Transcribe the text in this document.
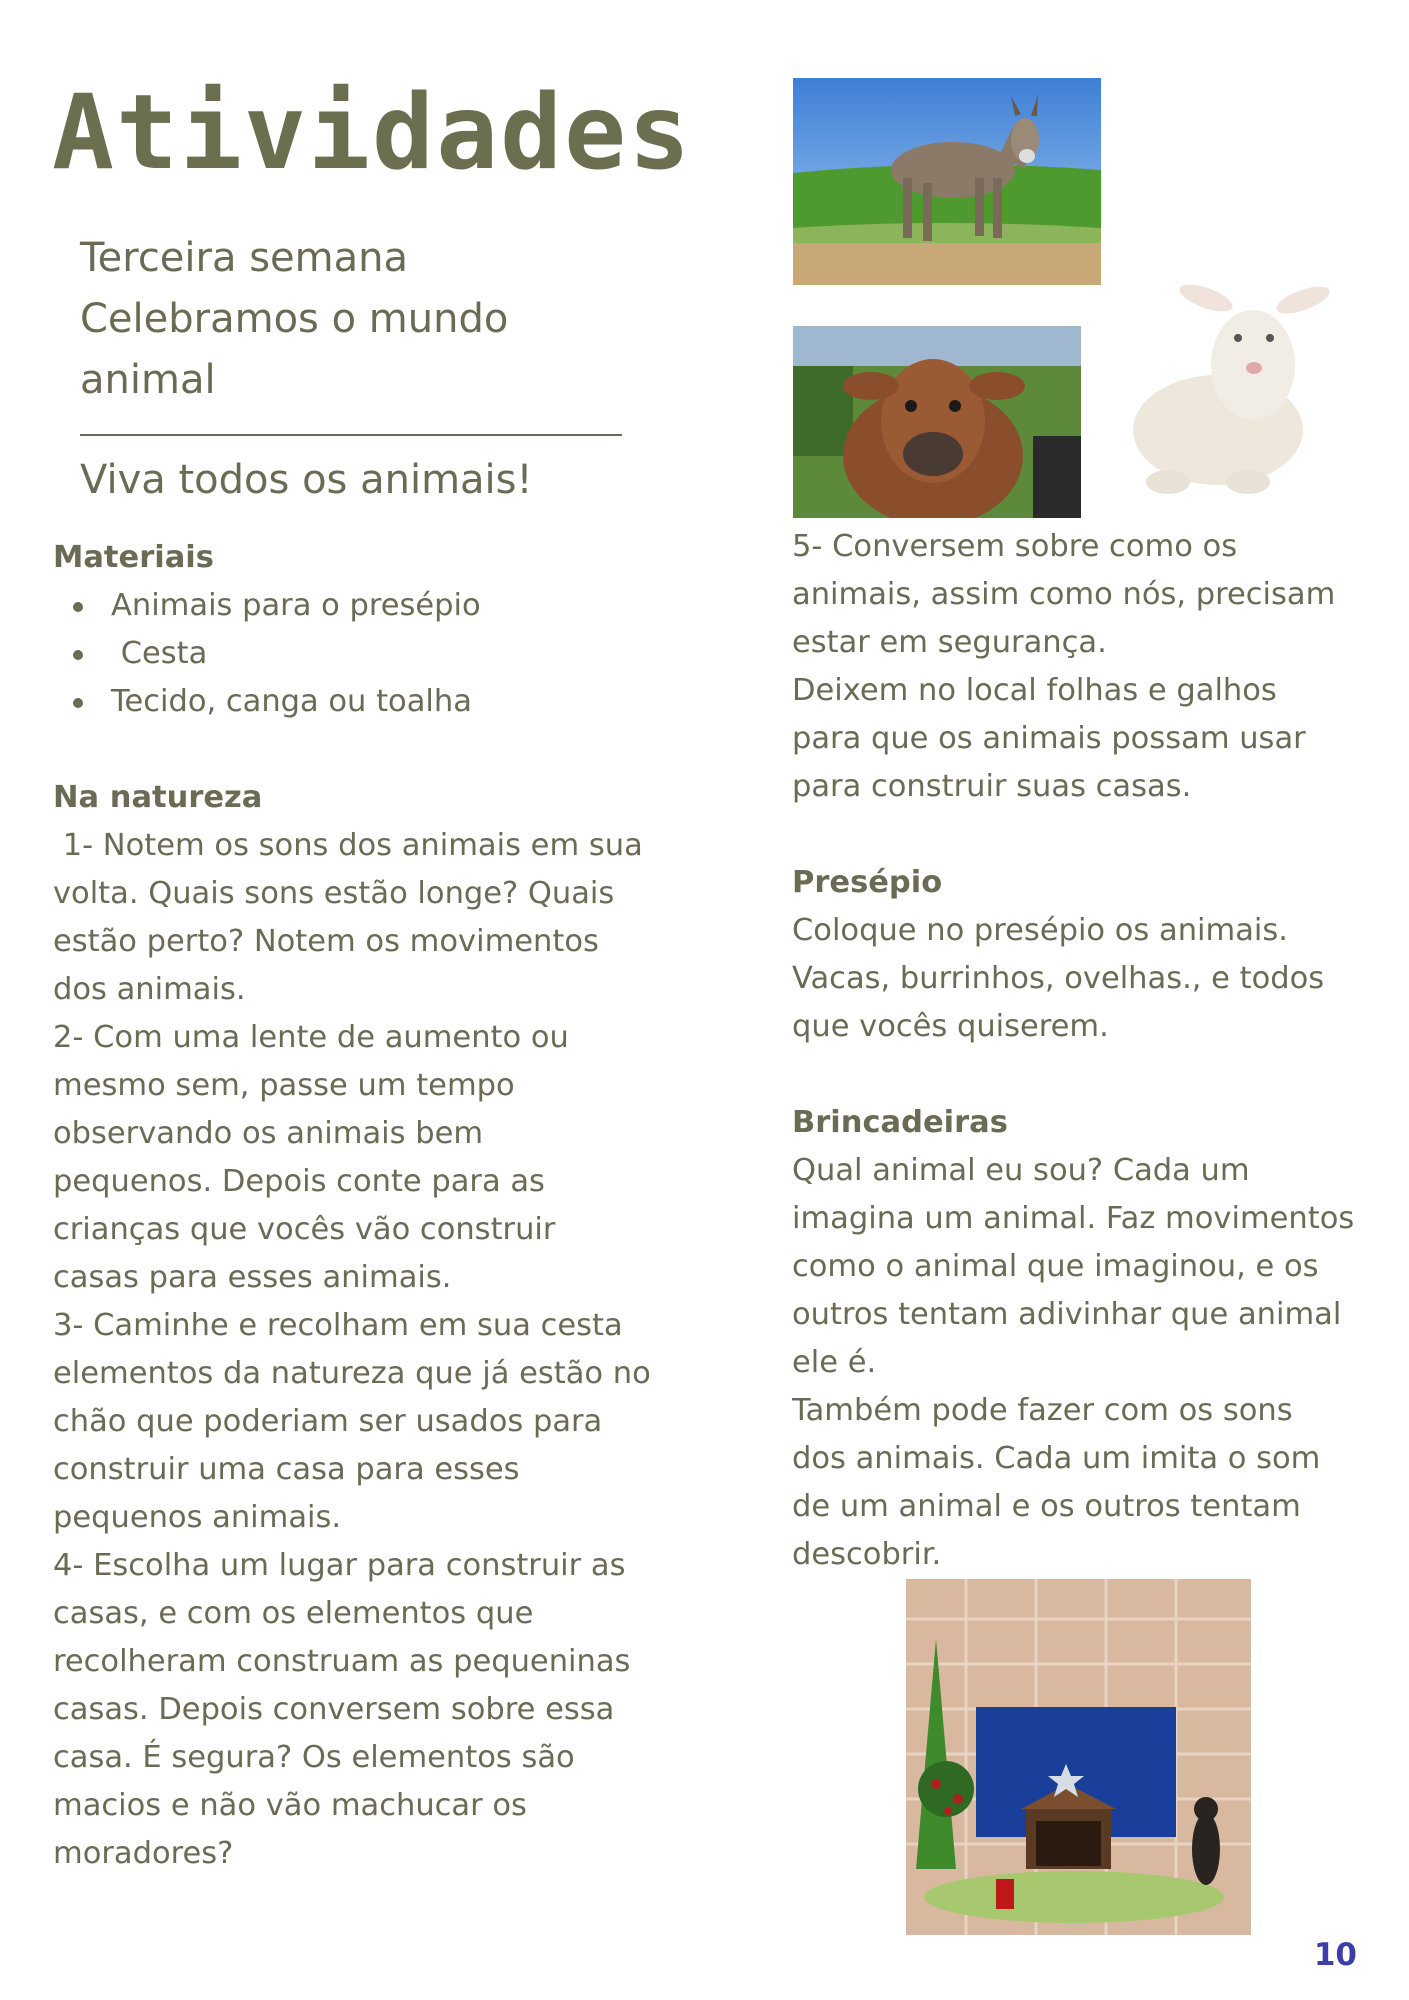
Atividades
Terceira semana
Celebramos o mundo
animal
Viva todos os animais!
Materiais
Animais para o presépio
Cesta
Tecido, canga ou toalha
Na natureza
1- Notem os sons dos animais em sua
volta. Quais sons estão longe? Quais
estão perto? Notem os movimentos
dos animais.
2- Com uma lente de aumento ou
mesmo sem, passe um tempo
observando os animais bem
pequenos. Depois conte para as
crianças que vocês vão construir
casas para esses animais.
3- Caminhe e recolham em sua cesta
elementos da natureza que já estão no
chão que poderiam ser usados para
construir uma casa para esses
pequenos animais.
4- Escolha um lugar para construir as
casas, e com os elementos que
recolheram construam as pequeninas
casas. Depois conversem sobre essa
casa. É segura? Os elementos são
macios e não vão machucar os
moradores?
5- Conversem sobre como os
animais, assim como nós, precisam
estar em segurança.
Deixem no local folhas e galhos
para que os animais possam usar
para construir suas casas.
Presépio
Coloque no presépio os animais.
Vacas, burrinhos, ovelhas., e todos
que vocês quiserem.
Brincadeiras
Qual animal eu sou? Cada um
imagina um animal. Faz movimentos
como o animal que imaginou, e os
outros tentam adivinhar que animal
ele é.
Também pode fazer com os sons
dos animais. Cada um imita o som
de um animal e os outros tentam
descobrir.
10
